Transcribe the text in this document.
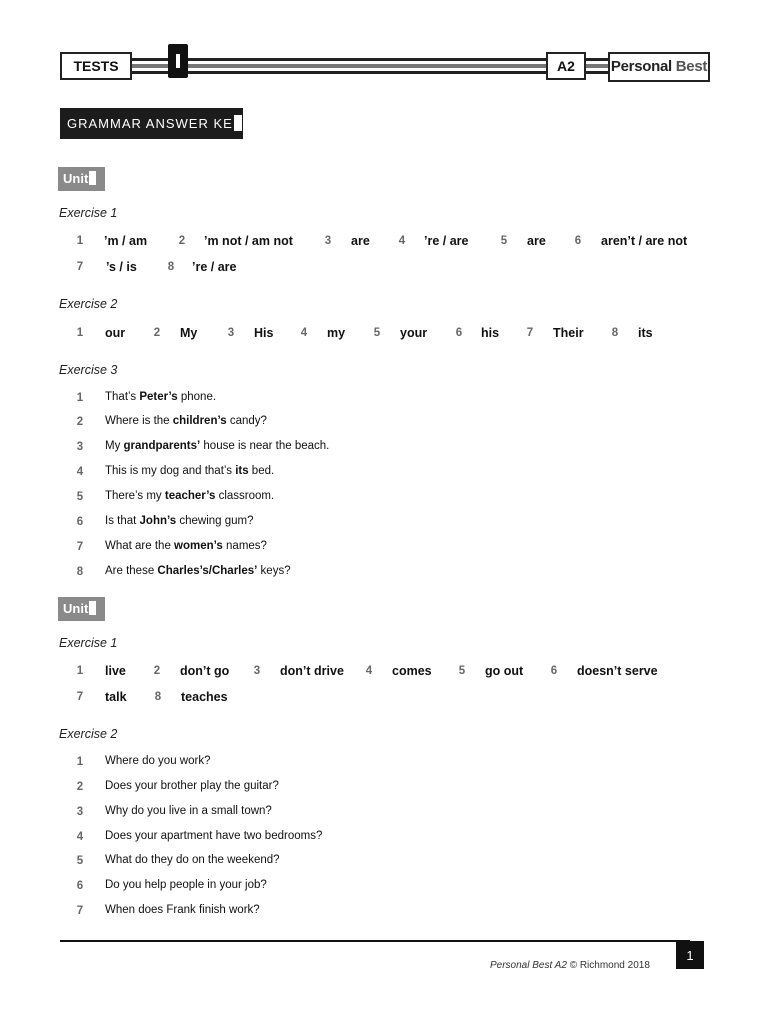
TESTS	A2	Personal Best
GRAMMAR ANSWER KE
Unit
Exercise 1
1	’m / am	2	’m not / am not	3	are	4	’re / are	5	are	6	aren’t / are not
7	’s / is	8	’re / are
Exercise 2
1	our	2	My	3	His	4	my	5	your	6	his	7	Their	8	its
Exercise 3
1	That’s Peter’s phone.
2	Where is the children’s candy?
3	My grandparents’ house is near the beach.
4	This is my dog and that’s its bed.
5	There’s my teacher’s classroom.
6	Is that John’s chewing gum?
7	What are the women’s names?
8	Are these Charles’s/Charles’ keys?
Unit
Exercise 1
1	live	2	don’t go	3	don’t drive	4	comes	5	go out	6	doesn’t serve
7	talk	8	teaches
Exercise 2
1	Where do you work?
2	Does your brother play the guitar?
3	Why do you live in a small town?
4	Does your apartment have two bedrooms?
5	What do they do on the weekend?
6	Do you help people in your job?
7	When does Frank finish work?
1
Personal Best A2 © Richmond 2018
